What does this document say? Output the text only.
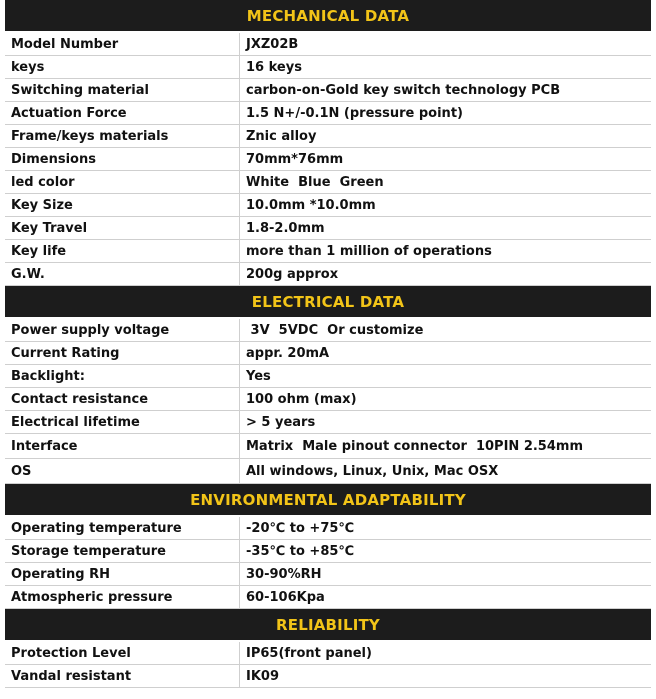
MECHANICAL DATA
Model Number	JXZ02B
keys	16 keys
Switching material	carbon-on-Gold key switch technology PCB
Actuation Force	1.5 N+/-0.1N (pressure point)
Frame/keys materials	Znic alloy
Dimensions	70mm*76mm
led color	White  Blue  Green
Key Size	10.0mm *10.0mm
Key Travel	1.8-2.0mm
Key life	more than 1 million of operations
G.W.	200g approx
ELECTRICAL DATA
Power supply voltage	3V  5VDC  Or customize
Current Rating	appr. 20mA
Backlight:	Yes
Contact resistance	100 ohm (max)
Electrical lifetime	> 5 years
Interface	Matrix  Male pinout connector  10PIN 2.54mm
OS	All windows, Linux, Unix, Mac OSX
ENVIRONMENTAL ADAPTABILITY
Operating temperature	-20℃ to +75℃
Storage temperature	-35℃ to +85℃
Operating RH	30-90%RH
Atmospheric pressure	60-106Kpa
RELIABILITY
Protection Level	IP65(front panel)
Vandal resistant	IK09
